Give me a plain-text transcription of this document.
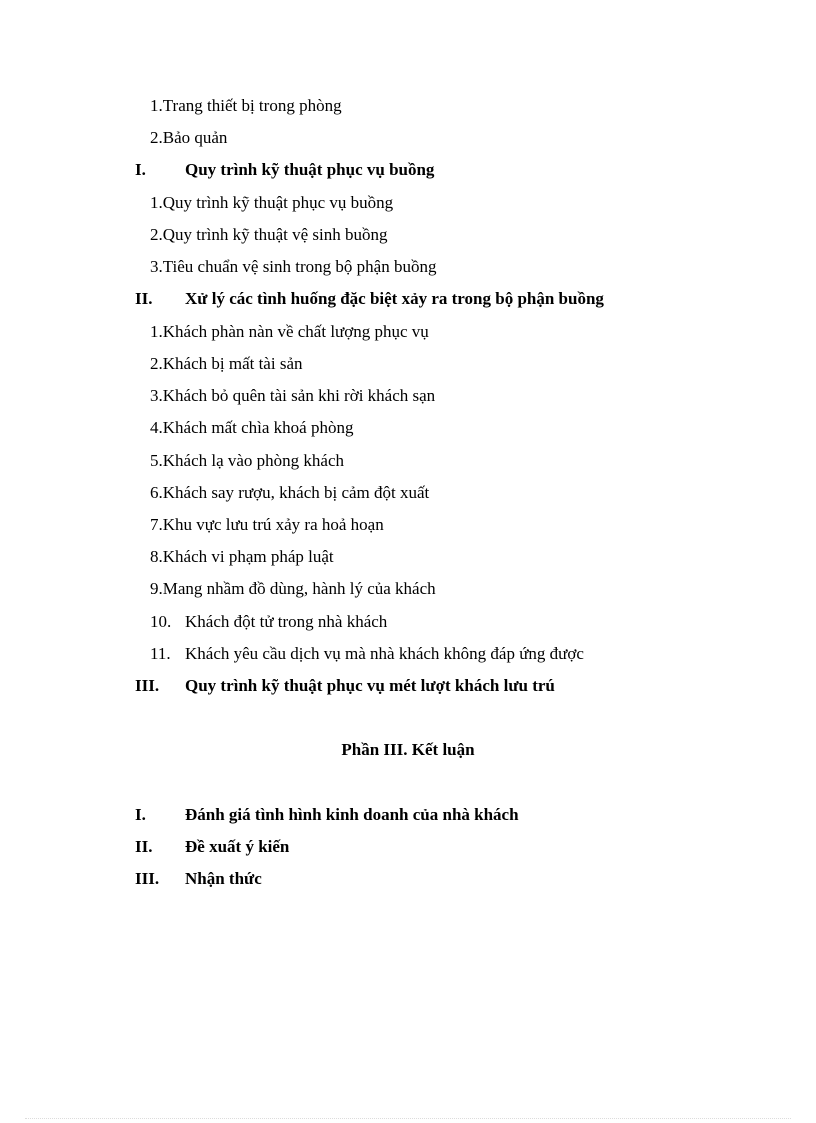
1.Trang thiết bị trong phòng
2.Bảo quản
I. Quy trình kỹ thuật phục vụ buồng
1.Quy trình kỹ thuật phục vụ buồng
2.Quy trình kỹ thuật vệ sinh buồng
3.Tiêu chuẩn vệ sinh trong bộ phận buồng
II. Xử lý các tình huống đặc biệt xảy ra trong bộ phận buồng
1.Khách phàn nàn về chất lượng phục vụ
2.Khách bị mất tài sản
3.Khách bỏ quên tài sản khi rời khách sạn
4.Khách mất chìa khoá phòng
5.Khách lạ vào phòng khách
6.Khách say rượu, khách bị cảm đột xuất
7.Khu vực lưu trú xảy ra hoả hoạn
8.Khách vi phạm pháp luật
9.Mang nhầm đồ dùng, hành lý của khách
10. Khách đột tử trong nhà khách
11. Khách yêu cầu dịch vụ mà nhà khách không đáp ứng được
III. Quy trình kỹ thuật phục vụ mét lượt khách lưu trú
Phần III. Kết luận
I. Đánh giá tình hình kinh doanh của nhà khách
II. Đề xuất ý kiến
III. Nhận thức
